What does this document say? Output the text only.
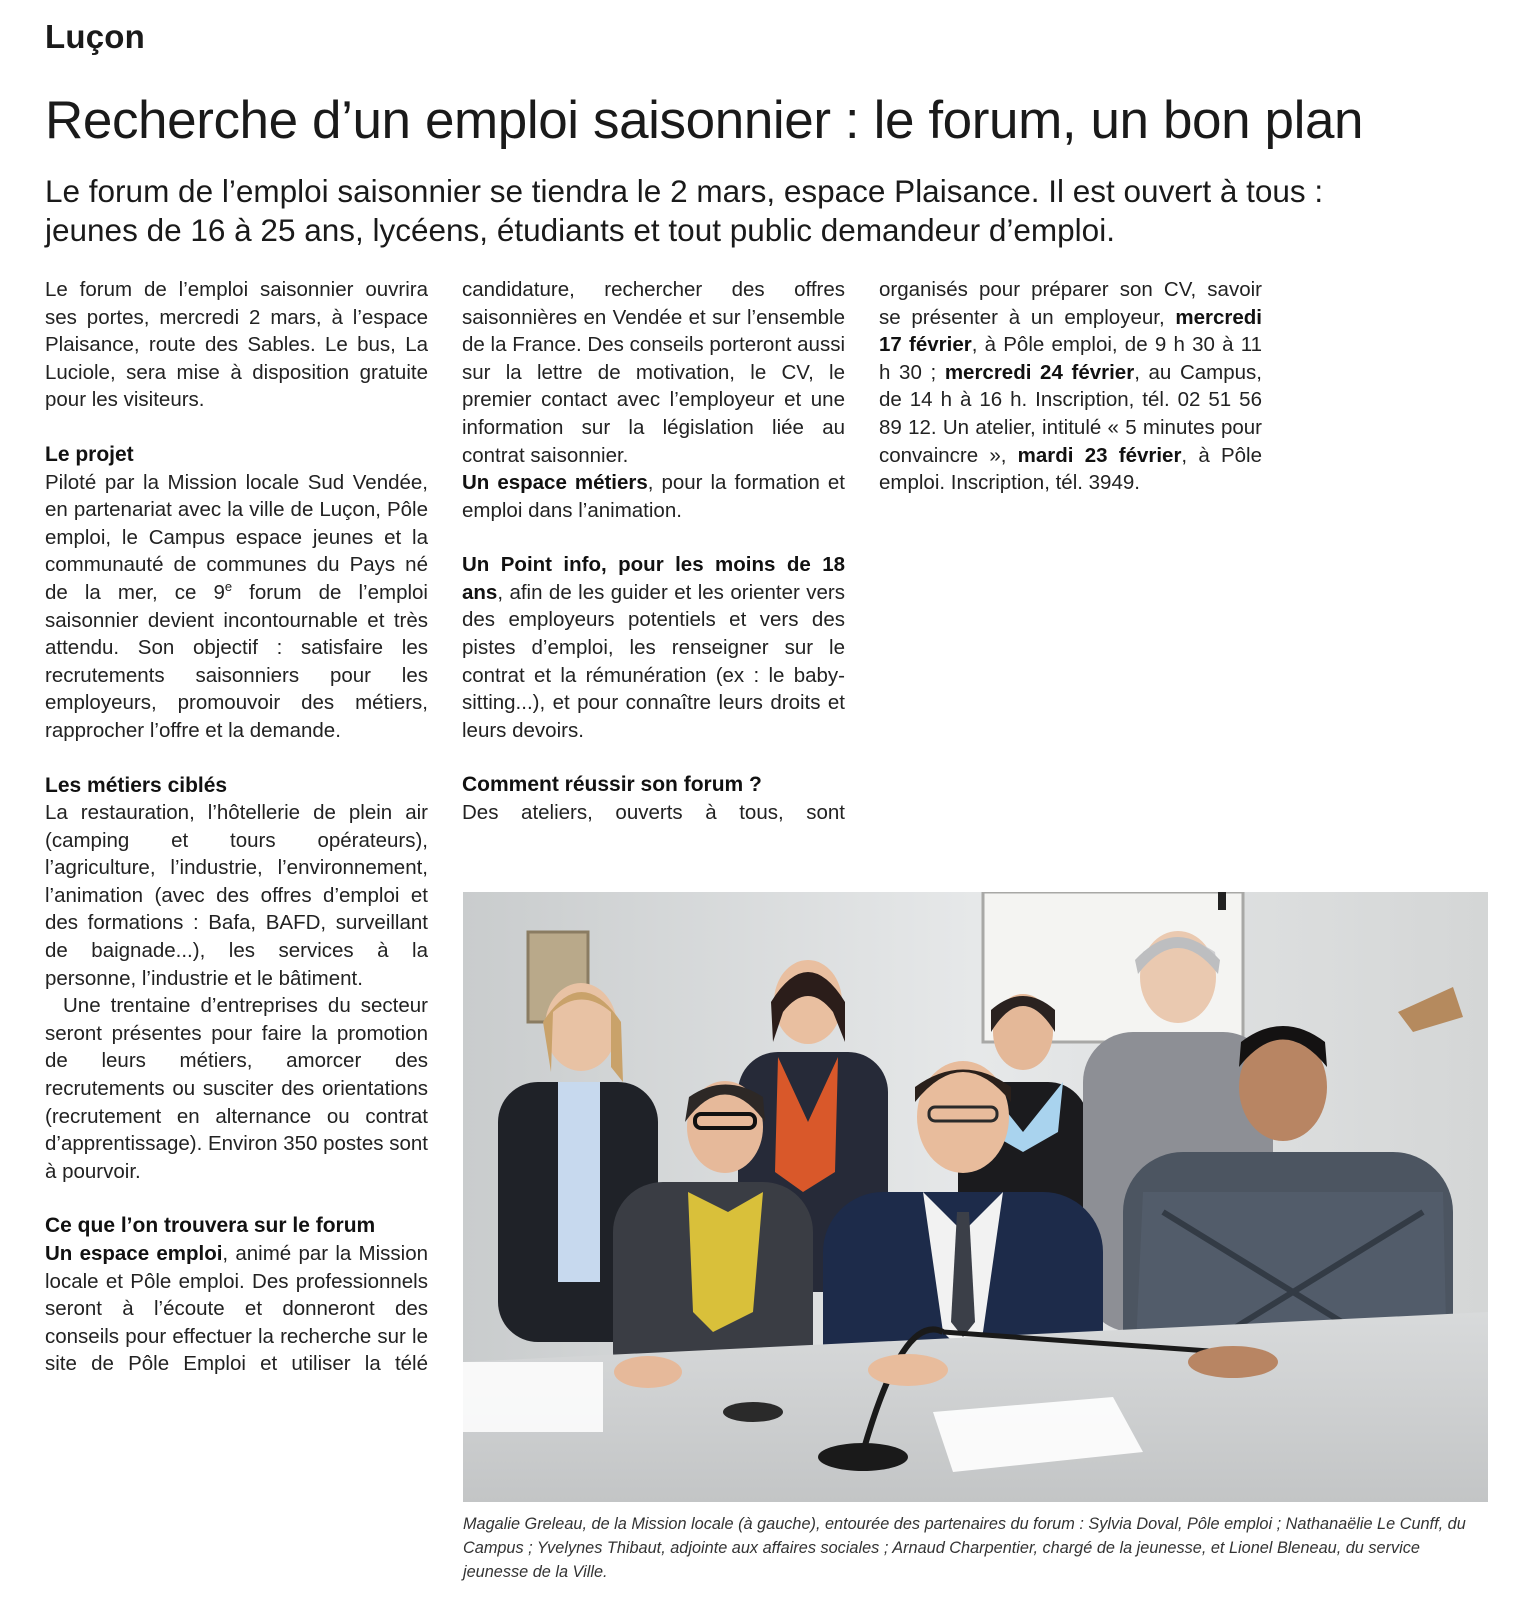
Luçon
Recherche d’un emploi saisonnier : le forum, un bon plan
Le forum de l’emploi saisonnier se tiendra le 2 mars, espace Plaisance. Il est ouvert à tous :
jeunes de 16 à 25 ans, lycéens, étudiants et tout public demandeur d’emploi.

Le forum de l’emploi saisonnier ouvrira ses portes, mercredi 2 mars, à l’espace Plaisance, route des Sables. Le bus, La Luciole, sera mise à disposition gratuite pour les visiteurs.

Le projet

Piloté par la Mission locale Sud Vendée, en partenariat avec la ville de Luçon, Pôle emploi, le Campus espace jeunes et la communauté de communes du Pays né de la mer, ce 9e forum de l’emploi saisonnier devient incontournable et très attendu. Son objectif : satisfaire les recrutements saisonniers pour les employeurs, promouvoir des métiers, rapprocher l’offre et la demande.

Les métiers ciblés

La restauration, l’hôtellerie de plein air (camping et tours opérateurs), l’agriculture, l’industrie, l’environnement, l’animation (avec des offres d’emploi et des formations : Bafa, BAFD, surveillant de baignade...), les services à la personne, l’industrie et le bâtiment.

Une trentaine d’entreprises du secteur seront présentes pour faire la promotion de leurs métiers, amorcer des recrutements ou susciter des orientations (recrutement en alternance ou contrat d’apprentissage). Environ 350 postes sont à pourvoir.

Ce que l’on trouvera sur le forum

Un espace emploi, animé par la Mission locale et Pôle emploi. Des professionnels seront à l’écoute et donneront des conseils pour effectuer la recherche sur le site de Pôle Emploi et utiliser la télé

candidature, rechercher des offres saisonnières en Vendée et sur l’ensemble de la France. Des conseils porteront aussi sur la lettre de motivation, le CV, le premier contact avec l’employeur et une information sur la législation liée au contrat saisonnier.

Un espace métiers, pour la formation et emploi dans l’animation.

Un Point info, pour les moins de 18 ans, afin de les guider et les orienter vers des employeurs potentiels et vers des pistes d’emploi, les renseigner sur le contrat et la rémunération (ex : le baby-sitting...), et pour connaître leurs droits et leurs devoirs.

Comment réussir son forum ?

Des ateliers, ouverts à tous, sont

organisés pour préparer son CV, savoir se présenter à un employeur, mercredi 17 février, à Pôle emploi, de 9 h 30 à 11 h 30 ; mercredi 24 février, au Campus, de 14 h à 16 h. Inscription, tél. 02 51 56 89 12. Un atelier, intitulé « 5 minutes pour convaincre », mardi 23 février, à Pôle emploi. Inscription, tél. 3949.

Magalie Greleau, de la Mission locale (à gauche), entourée des partenaires du forum : Sylvia Doval, Pôle emploi ; Nathanaëlie Le Cunff, du Campus ; Yvelynes Thibaut, adjointe aux affaires sociales ; Arnaud Charpentier, chargé de la jeunesse, et Lionel Bleneau, du service jeunesse de la Ville.
